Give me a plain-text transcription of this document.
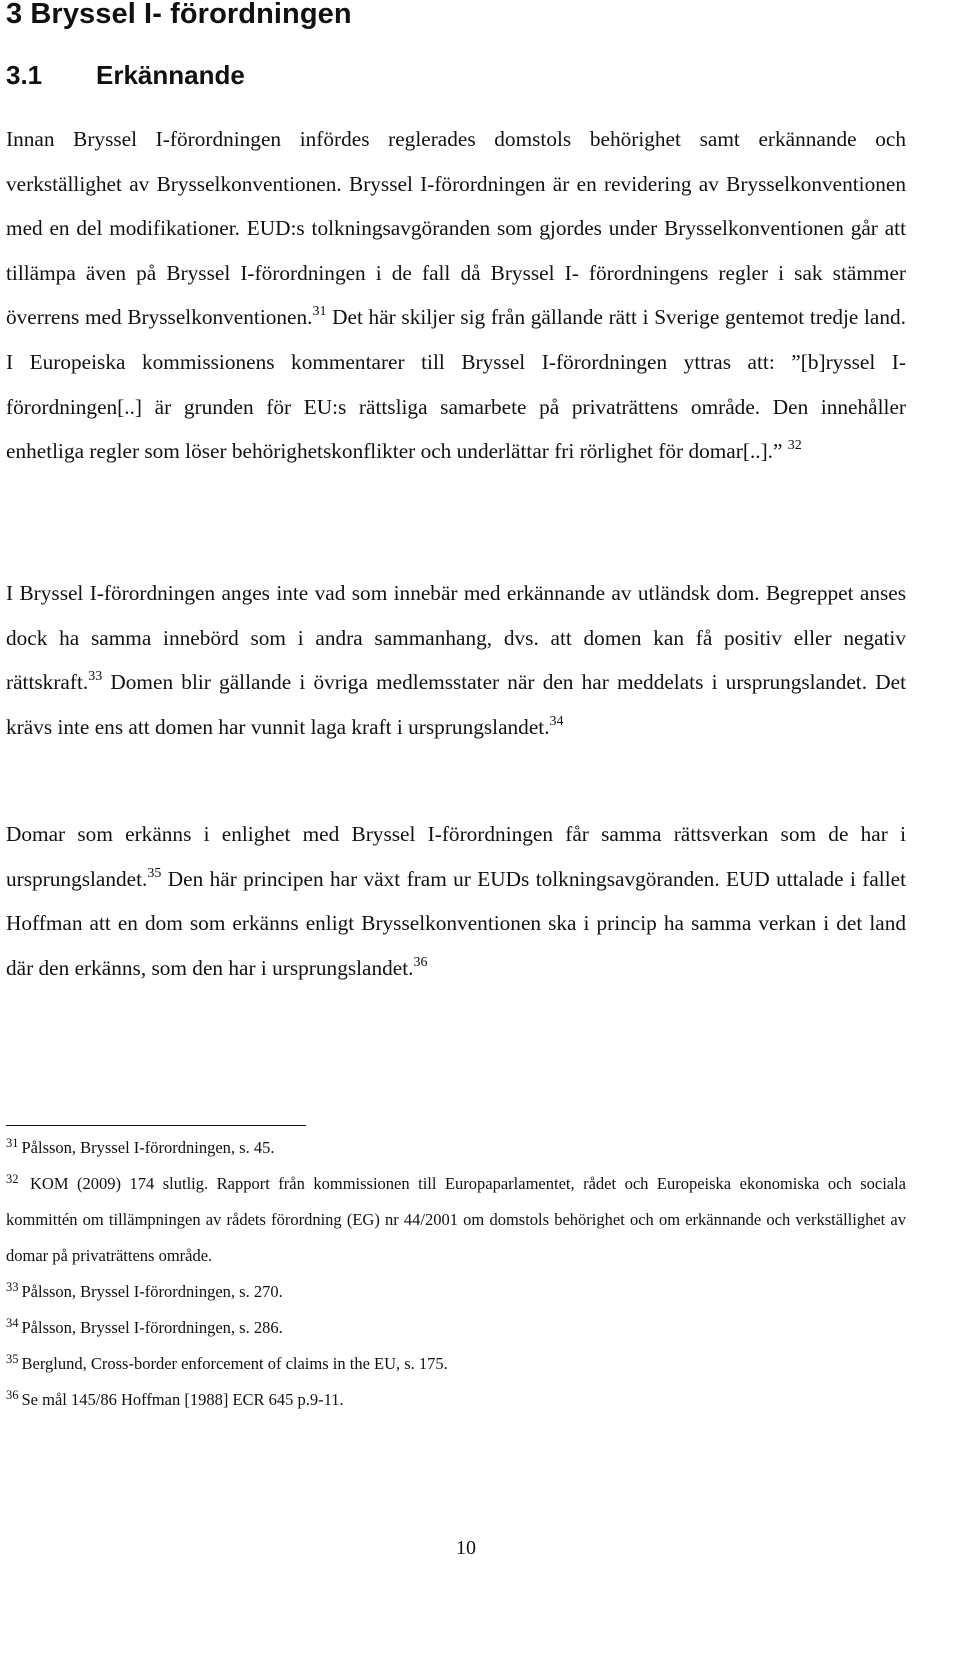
3 Bryssel I- förordningen
3.1 Erkännande

Innan Bryssel I-förordningen infördes reglerades domstols behörighet samt erkännande och verkställighet av Brysselkonventionen. Bryssel I-förordningen är en revidering av Brysselkonventionen med en del modifikationer. EUD:s tolkningsavgöranden som gjordes under Brysselkonventionen går att tillämpa även på Bryssel I-förordningen i de fall då Bryssel I- förordningens regler i sak stämmer överrens med Brysselkonventionen.$^{31}$ Det här skiljer sig från gällande rätt i Sverige gentemot tredje land. I Europeiska kommissionens kommentarer till Bryssel I-förordningen yttras att: ”[b]ryssel I-förordningen[..] är grunden för EU:s rättsliga samarbete på privaträttens område. Den innehåller enhetliga regler som löser behörighetskonflikter och underlättar fri rörlighet för domar[..].” $^{32}$

I Bryssel I-förordningen anges inte vad som innebär med erkännande av utländsk dom. Begreppet anses dock ha samma innebörd som i andra sammanhang, dvs. att domen kan få positiv eller negativ rättskraft.$^{33}$ Domen blir gällande i övriga medlemsstater när den har meddelats i ursprungslandet. Det krävs inte ens att domen har vunnit laga kraft i ursprungslandet.$^{34}$

Domar som erkänns i enlighet med Bryssel I-förordningen får samma rättsverkan som de har i ursprungslandet.$^{35}$ Den här principen har växt fram ur EUDs tolkningsavgöranden. EUD uttalade i fallet Hoffman att en dom som erkänns enligt Brysselkonventionen ska i princip ha samma verkan i det land där den erkänns, som den har i ursprungslandet.$^{36}$

$^{31}$ Pålsson, Bryssel I-förordningen, s. 45.
$^{32}$ KOM (2009) 174 slutlig. Rapport från kommissionen till Europaparlamentet, rådet och Europeiska ekonomiska och sociala kommittén om tillämpningen av rådets förordning (EG) nr 44/2001 om domstols behörighet och om erkännande och verkställighet av domar på privaträttens område.
$^{33}$ Pålsson, Bryssel I-förordningen, s. 270.
$^{34}$ Pålsson, Bryssel I-förordningen, s. 286.
$^{35}$ Berglund, Cross-border enforcement of claims in the EU, s. 175.
$^{36}$ Se mål 145/86 Hoffman [1988] ECR 645 p.9-11.
10
